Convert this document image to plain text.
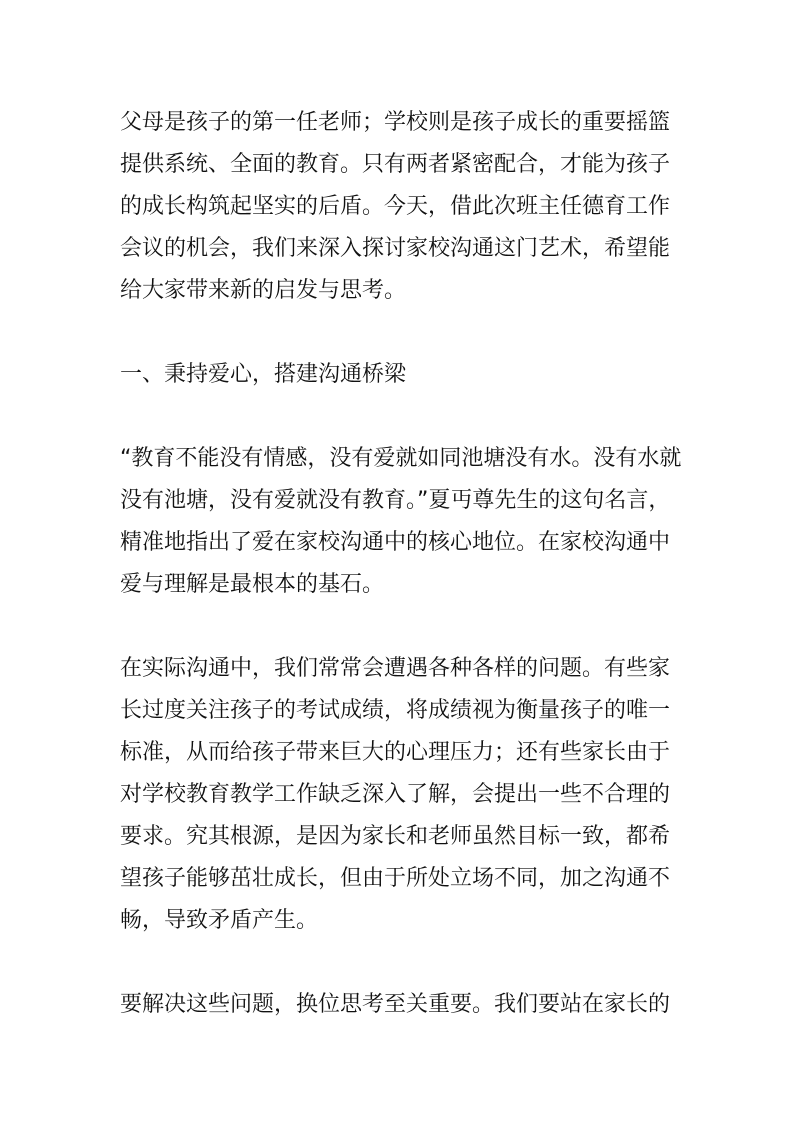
父母是孩子的第一任老师；学校则是孩子成长的重要摇篮
提供系统、全面的教育。只有两者紧密配合，才能为孩子
的成长构筑起坚实的后盾。今天，借此次班主任德育工作
会议的机会，我们来深入探讨家校沟通这门艺术，希望能
给大家带来新的启发与思考。

一、秉持爱心，搭建沟通桥梁

“教育不能没有情感，没有爱就如同池塘没有水。没有水就
没有池塘，没有爱就没有教育。”夏丏尊先生的这句名言，
精准地指出了爱在家校沟通中的核心地位。在家校沟通中
爱与理解是最根本的基石。

在实际沟通中，我们常常会遭遇各种各样的问题。有些家
长过度关注孩子的考试成绩，将成绩视为衡量孩子的唯一
标准，从而给孩子带来巨大的心理压力；还有些家长由于
对学校教育教学工作缺乏深入了解，会提出一些不合理的
要求。究其根源，是因为家长和老师虽然目标一致，都希
望孩子能够茁壮成长，但由于所处立场不同，加之沟通不
畅，导致矛盾产生。

要解决这些问题，换位思考至关重要。我们要站在家长的
